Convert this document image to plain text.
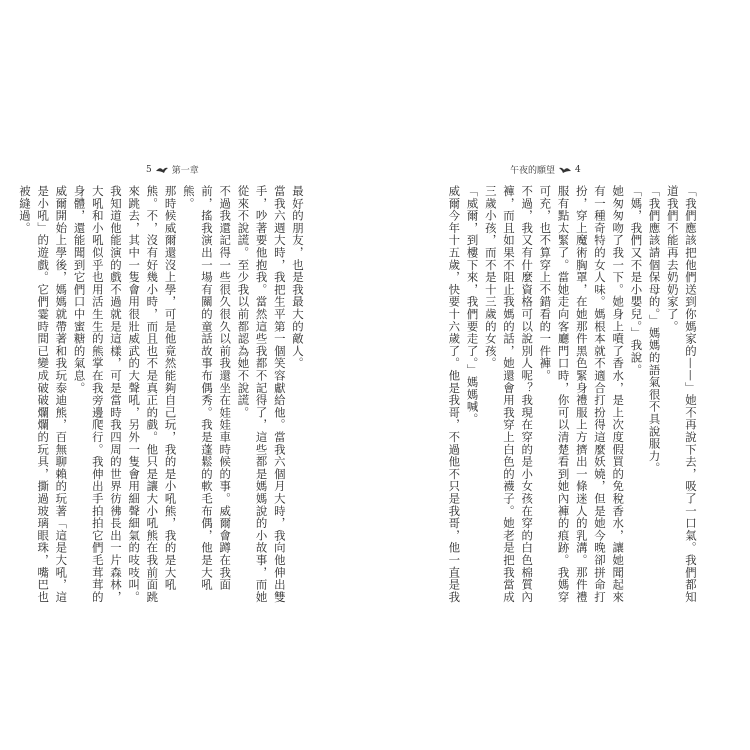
5 第一章	午夜的願望 4

最好的朋友，也是我最大的敵人。

當我六週大時，我把生平第一個笑容獻給他。當我六個月大時，我向他伸出雙手，吵著要他抱我。當然這些我都不記得了，這些都是媽媽說的小故事，而她從來不說謊。至少我以前都認為她不說謊。

不過我還記得一些很久很久以前我還坐在娃娃車時候的事。威爾會蹲在我面前，搖我演出一場有關的童話故事布偶秀。我是蓬鬆的軟毛布偶，他是大吼熊。

那時候威爾還沒上學，可是他竟然能夠自己玩，我的是小吼熊，我的是大吼熊。不，沒有好幾小時，而且也不是真正的戲。他只是讓大小吼熊在我前面跳來跳去，其中一隻會用很壯威武的大聲吼，另外一隻會用細聲細氣的吱吱叫。我知道他能演的戲不過就是這樣，可是當時我四周的世界彷彿長出一片森林，大吼和小吼似乎也用活生生的熊掌在我旁邊爬行。我伸出手拍拍它們毛茸茸的身體，還能聞到它們口中蜜糖的氣息。

威爾開始上學後，媽媽就帶著和我玩泰迪熊，百無聊賴的玩著「這是大吼，這是小吼」的遊戲。它們霎時間已變成破破爛爛的玩具，撕過玻璃眼珠，嘴巴也被縫過。	「我們應該把他們送到你媽家的——」她不再說下去，吸了一口氣。我們都知道我們不能再去奶奶家了。

「我們應該請個保母的。」媽媽的語氣很不具說服力。

「媽，我們又不是小嬰兒。」我說。

她匆匆吻了我一下。她身上噴了香水，是上次度假買的免稅香水，讓她聞起來有一種奇特的女人味。媽根本就不適合打扮得這麼妖嬈，但是她今晚卻拼命打扮，穿上魔術胸罩，在她那件黑色緊身禮服上方擠出一條迷人的乳溝。那件禮服有點太緊了。當她走向客廳門口時，你可以清楚看到她內褲的痕跡。我媽穿可充，也不算穿上不錯看的一件褲。

不過，我又有什麼資格可以說別人呢？我現在穿的是小女孩在穿的白色棉質內褲，而且如果不阻止我媽的話，她還會用我穿上白色的襪子。她老是把我當成三歲小孩，而不是十三歲的女孩。

「威爾，到樓下來，我們要走了。」媽媽喊。

威爾今年十五歲，快要十六歲了。他是我哥，不過他不只是我哥，他一直是我
